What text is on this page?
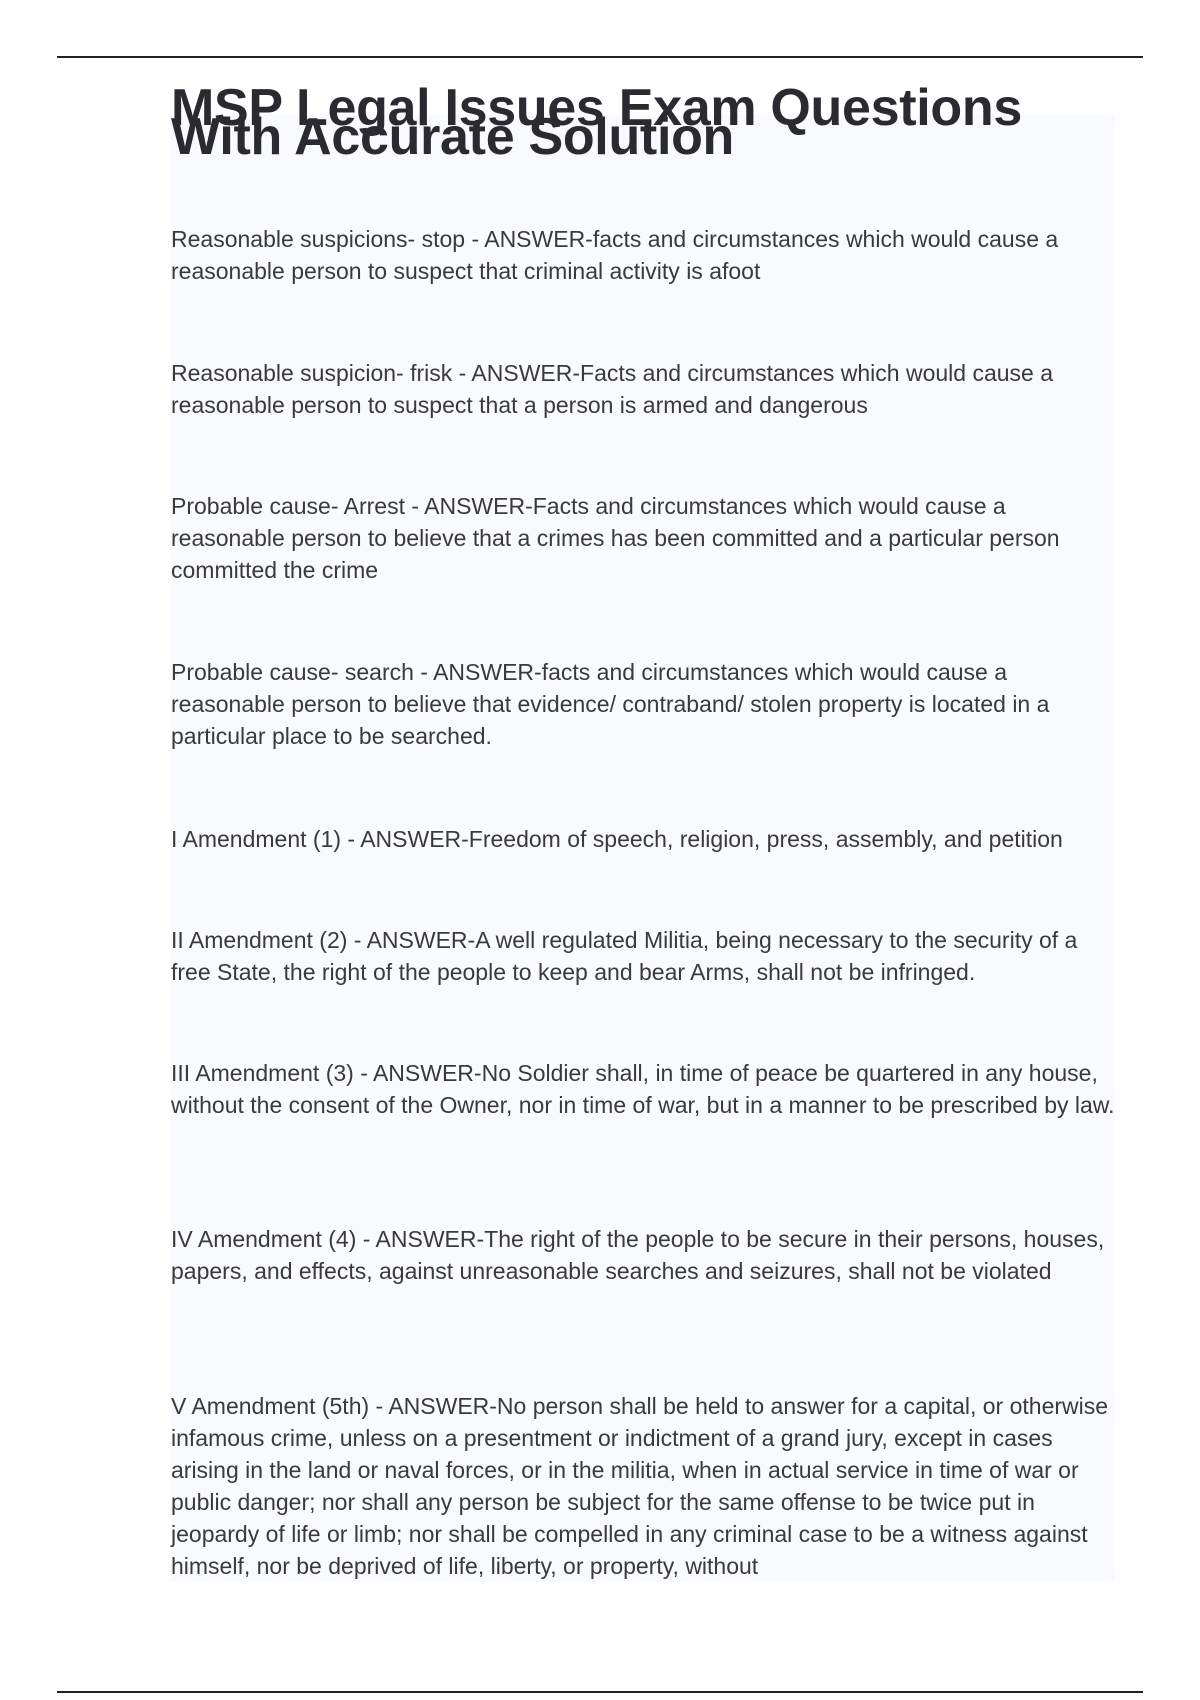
MSP Legal Issues Exam Questions With Accurate Solution
Reasonable suspicions- stop - ANSWER-facts and circumstances which would cause a reasonable person to suspect that criminal activity is afoot
Reasonable suspicion- frisk - ANSWER-Facts and circumstances which would cause a reasonable person to suspect that a person is armed and dangerous
Probable cause- Arrest - ANSWER-Facts and circumstances which would cause a reasonable person to believe that a crimes has been committed and a particular person committed the crime
Probable cause- search - ANSWER-facts and circumstances which would cause a reasonable person to believe that evidence/ contraband/ stolen property is located in a particular place to be searched.
I Amendment (1) - ANSWER-Freedom of speech, religion, press, assembly, and petition
II Amendment (2) - ANSWER-A well regulated Militia, being necessary to the security of a free State, the right of the people to keep and bear Arms, shall not be infringed.
III Amendment (3) - ANSWER-No Soldier shall, in time of peace be quartered in any house, without the consent of the Owner, nor in time of war, but in a manner to be prescribed by law.
IV Amendment (4) - ANSWER-The right of the people to be secure in their persons, houses, papers, and effects, against unreasonable searches and seizures, shall not be violated
V Amendment (5th) - ANSWER-No person shall be held to answer for a capital, or otherwise infamous crime, unless on a presentment or indictment of a grand jury, except in cases arising in the land or naval forces, or in the militia, when in actual service in time of war or public danger; nor shall any person be subject for the same offense to be twice put in jeopardy of life or limb; nor shall be compelled in any criminal case to be a witness against himself, nor be deprived of life, liberty, or property, without
